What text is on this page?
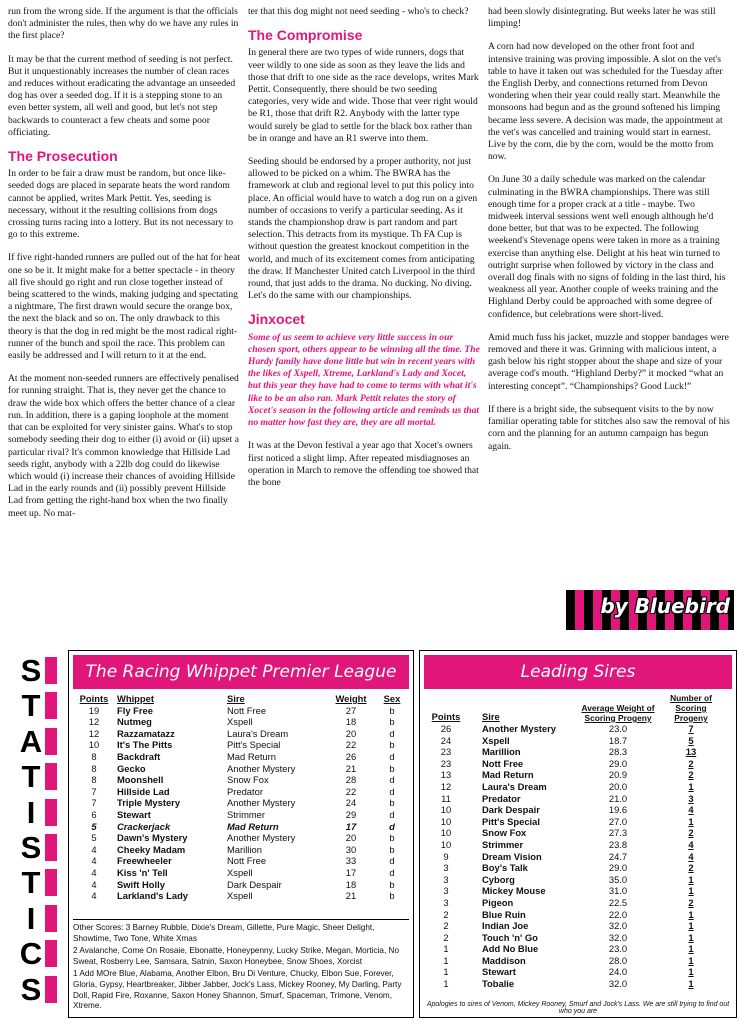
run from the wrong side. If the argument is that the officials don't administer the rules, then why do we have any rules in the first place?

It may be that the current method of seeding is not perfect. But it unquestionably increases the number of clean races and reduces without eradicating the advantage an unseeded dog has over a seeded dog. If it is a stepping stone to an even better system, all well and good, but let's not step backwards to counteract a few cheats and some poor officiating.

The Prosecution

In order to be fair a draw must be random, but once like-seeded dogs are placed in separate heats the word random cannot be applied, writes Mark Pettit. Yes, seeding is necessary, without it the resulting collisions from dogs crossing turns racing into a lottery. But its not necessary to go to this extreme.

If five right-handed runners are pulled out of the hat for heat one so be it. It might make for a better spectacle - in theory all five should go right and run close together instead of being scattered to the winds, making judging and spectating a nightmare, The first drawn would secure the orange box, the next the black and so on. The only drawback to this theory is that the dog in red might be the most radical right-runner of the bunch and spoil the race. This problem can easily be addressed and I will return to it at the end.

At the moment non-seeded runners are effectively penalised for running straight. That is, they never get the chance to draw the wide box which offers the better chance of a clear run. In addition, there is a gaping loophole at the moment that can be exploited for very sinister gains. What's to stop somebody seeding their dog to either (i) avoid or (ii) upset a particular rival? It's common knowledge that Hillside Lad seeds right, anybody with a 22lb dog could do likewise which would (i) increase their chances of avoiding Hillside Lad in the early rounds and (ii) possibly prevent Hillside Lad from getting the right-hand box when the two finally meet up. No mat-

ter that this dog might not need seeding - who's to check?

The Compromise

In general there are two types of wide runners, dogs that veer wildly to one side as soon as they leave the lids and those that drift to one side as the race develops, writes Mark Pettit. Consequently, there should be two seeding categories, very wide and wide. Those that veer right would be R1, those that drift R2. Anybody with the latter type would surely be glad to settle for the black box rather than be in orange and have an R1 swerve into them.

Seeding should be endorsed by a proper authority, not just allowed to be picked on a whim. The BWRA has the framework at club and regional level to put this policy into place. An official would have to watch a dog run on a given number of occasions to verify a particular seeding. As it stands the championshop draw is part random and part selection. This detracts from its mystique. Th FA Cup is without question the greatest knockout competition in the world, and much of its excitement comes from anticipating the draw. If Manchester United catch Liverpool in the third round, that just adds to the drama. No ducking. No diving. Let's do the same with our championships.

Jinxocet

Some of us seem to achieve very little success in our chosen sport, others appear to be winning all the time. The Hardy family have done little but win in recent years with the likes of Xspell, Xtreme, Larkland's Lady and Xocet, but this year they have had to come to terms with what it's like to be an also ran. Mark Pettit relates the story of Xocet's season in the following article and reminds us that no matter how fast they are, they are all mortal.

It was at the Devon festival a year ago that Xocet's owners first noticed a slight limp. After repeated misdiagnoses an operation in March to remove the offending toe showed that the bone

had been slowly disintegrating. But weeks later he was still limping!

A corn had now developed on the other front foot and intensive training was proving impossible. A slot on the vet's table to have it taken out was scheduled for the Tuesday after the English Derby, and connections returned from Devon wondering when their year could really start. Meanwhile the monsoons had begun and as the ground softened his limping became less severe. A decision was made, the appointment at the vet's was cancelled and training would start in earnest. Live by the corn, die by the corn, would be the motto from now.

On June 30 a daily schedule was marked on the calendar culminating in the BWRA championships. There was still enough time for a proper crack at a title - maybe. Two midweek interval sessions went well enough although he'd done better, but that was to be expected. The following weekend's Stevenage opens were taken in more as a training exercise than anything else. Delight at his heat win turned to outright surprise when followed by victory in the class and overall dog finals with no signs of folding in the last third, his weakness all year. Another couple of weeks training and the Highland Derby could be approached with some degree of confidence, but celebrations were short-lived.

Amid much fuss his jacket, muzzle and stopper bandages were removed and there it was. Grinning with malicious intent, a gash below his right stopper about the shape and size of your average cod's mouth. “Highland Derby?” it mocked “what an interesting concept”. “Championships? Good Luck!”

If there is a bright side, the subsequent visits to the by now familiar operating table for stitches also saw the removal of his corn and the planning for an autumn campaign has begun again.

by Bluebird
S
T
A
T
I
S
T
I
C
S
The Racing Whippet Premier League
Points	Whippet	Sire	Weight	Sex
19	Fly Free	Nott Free	27	b
12	Nutmeg	Xspell	18	b
12	Razzamatazz	Laura's Dream	20	d
10	It's The Pitts	Pitt's Special	22	b
8	Backdraft	Mad Return	26	d
8	Gecko	Another Mystery	21	b
8	Moonshell	Snow Fox	28	d
7	Hillside Lad	Predator	22	d
7	Triple Mystery	Another Mystery	24	b
6	Stewart	Strimmer	29	d
5	Crackerjack	Mad Return	17	d
5	Dawn's Mystery	Another Mystery	20	b
4	Cheeky Madam	Marillion	30	b
4	Freewheeler	Nott Free	33	d
4	Kiss 'n' Tell	Xspell	17	d
4	Swift Holly	Dark Despair	18	b
4	Larkland's Lady	Xspell	21	b

Other Scores: 3 Barney Rubble, Dixie's Dream, Gillette, Pure Magic, Sheer Delight, Showtime, Two Tone, White Xmas

2 Avalanche, Come On Rosaie, Ebonatte, Honeypenny, Lucky Strike, Megan, Morticia, No Sweat, Rosberry Lee, Samsara, Satnin, Saxon Honeybee, Snow Shoes, Xorcist

1 Add MOre Blue, Alabama, Another Elbon, Bru Di Venture, Chucky, Elbon Sue, Forever, Gloria, Gypsy, Heartbreaker, Jibber Jabber, Jock's Lass, Mickey Rooney, My Darling, Party Doll, Rapid Fire, Roxanne, Saxon Honey Shannon, Smurf, Spaceman, Trimone, Venom, Xtreme.

Leading Sires
Points	Sire	Average Weight of Scoring Progeny	Number of Scoring Progeny
26	Another Mystery	23.0	7
24	Xspell	18.7	5
23	Marillion	28.3	13
23	Nott Free	29.0	2
13	Mad Return	20.9	2
12	Laura's Dream	20.0	1
11	Predator	21.0	3
10	Dark Despair	19.6	4
10	Pitt's Special	27.0	1
10	Snow Fox	27.3	2
10	Strimmer	23.8	4
9	Dream Vision	24.7	4
3	Boy's Talk	29.0	2
3	Cyborg	35.0	1
3	Mickey Mouse	31.0	1
3	Pigeon	22.5	2
2	Blue Ruin	22.0	1
2	Indian Joe	32.0	1
2	Touch 'n' Go	32.0	1
1	Add No Blue	23.0	1
1	Maddison	28.0	1
1	Stewart	24.0	1
1	Tobalie	32.0	1
Apologies to sires of Venom, Mickey Rooney, Smurf and Jock's Lass. We are still trying to find out who you are
